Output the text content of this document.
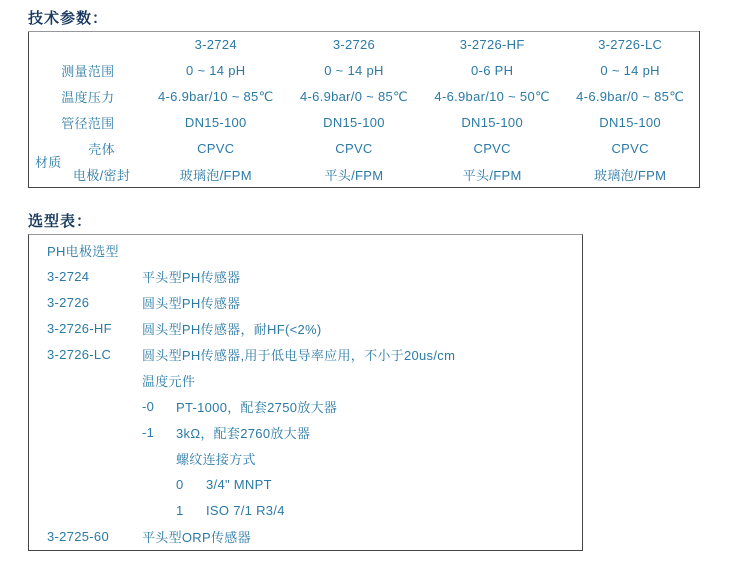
技术参数：
		3-2724	3-2726	3-2726-HF	3-2726-LC
测量范围		0 ~ 14 pH	0 ~ 14 pH	0-6 PH	0 ~ 14 pH
温度压力		4-6.9bar/10 ~ 85℃	4-6.9bar/0 ~ 85℃	4-6.9bar/10 ~ 50℃	4-6.9bar/0 ~ 85℃
管径范围		DN15-100	DN15-100	DN15-100	DN15-100
材质	壳体	CPVC	CPVC	CPVC	CPVC
	电极/密封	玻璃泡/FPM	平头/FPM	平头/FPM	玻璃泡/FPM
选型表：
PH电极选型
3-2724	平头型PH传感器
3-2726	圆头型PH传感器
3-2726-HF	圆头型PH传感器，耐HF(<2%)
3-2726-LC	圆头型PH传感器,用于低电导率应用，不小于20us/cm
温度元件
-0	PT-1000，配套2750放大器
-1	3kΩ，配套2760放大器
螺纹连接方式
0	3/4" MNPT
1	ISO 7/1 R3/4
3-2725-60	平头型ORP传感器
